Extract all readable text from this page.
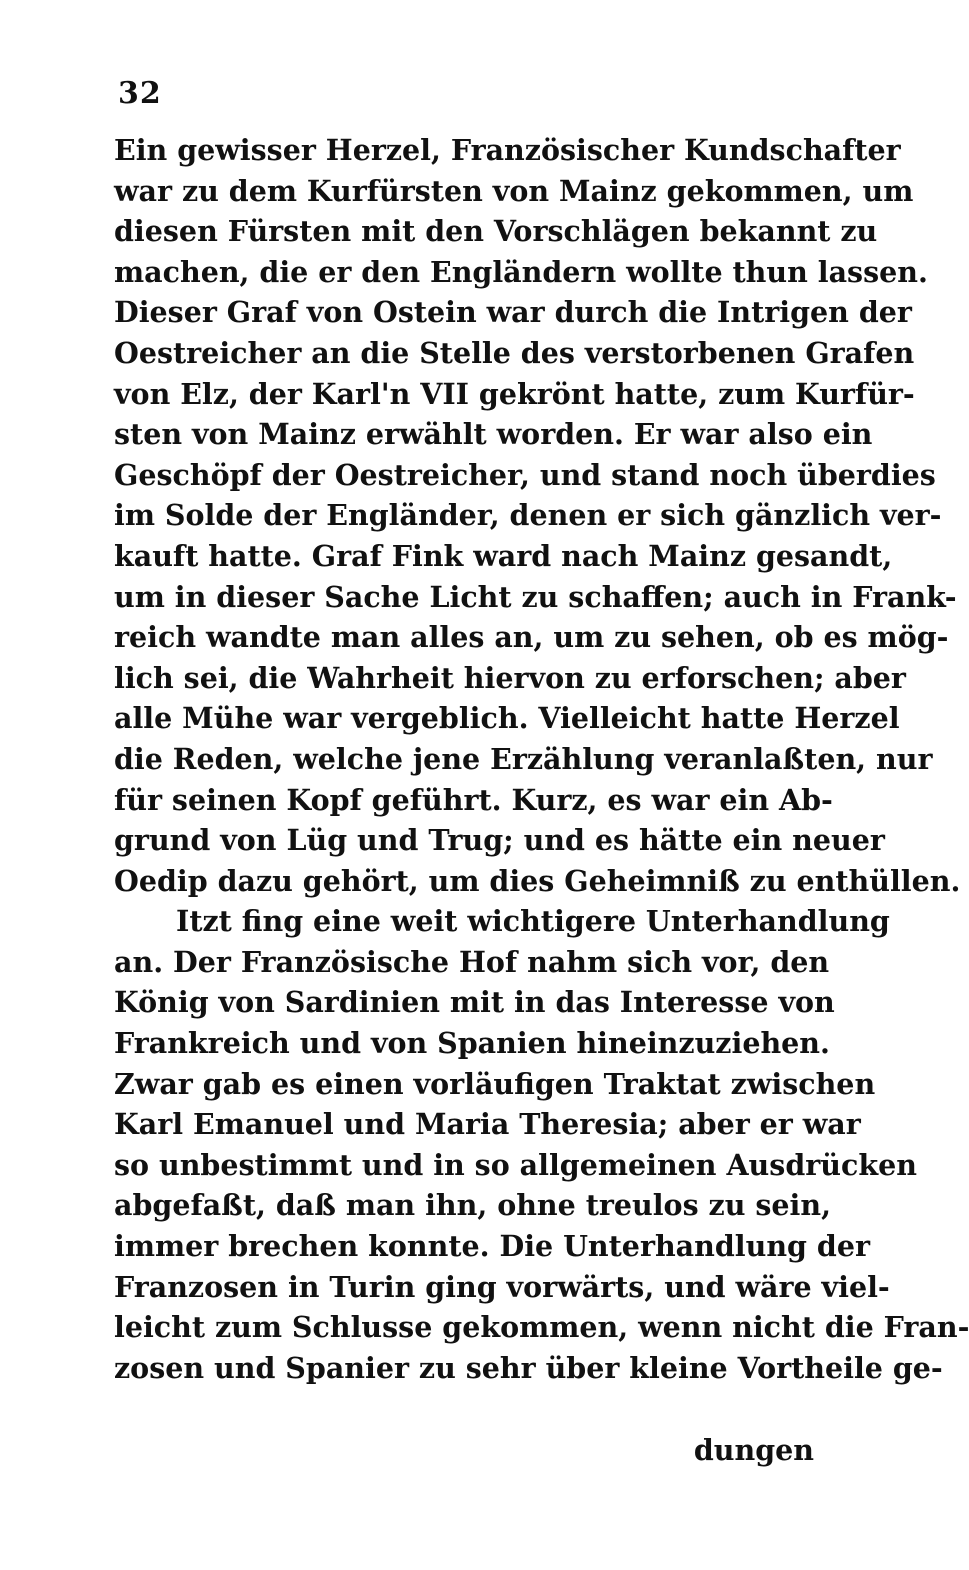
32
Ein gewisser Herzel, Französischer Kundschafter
war zu dem Kurfürsten von Mainz gekommen, um
diesen Fürsten mit den Vorschlägen bekannt zu
machen, die er den Engländern wollte thun lassen.
Dieser Graf von Ostein war durch die Intrigen der
Oestreicher an die Stelle des verstorbenen Grafen
von Elz, der Karl'n VII gekrönt hatte, zum Kurfür-
sten von Mainz erwählt worden. Er war also ein
Geschöpf der Oestreicher, und stand noch überdies
im Solde der Engländer, denen er sich gänzlich ver-
kauft hatte. Graf Fink ward nach Mainz gesandt,
um in dieser Sache Licht zu schaffen; auch in Frank-
reich wandte man alles an, um zu sehen, ob es mög-
lich sei, die Wahrheit hiervon zu erforschen; aber
alle Mühe war vergeblich. Vielleicht hatte Herzel
die Reden, welche jene Erzählung veranlaßten, nur
für seinen Kopf geführt. Kurz, es war ein Ab-
grund von Lüg und Trug; und es hätte ein neuer
Oedip dazu gehört, um dies Geheimniß zu enthüllen.
Itzt fing eine weit wichtigere Unterhandlung
an. Der Französische Hof nahm sich vor, den
König von Sardinien mit in das Interesse von
Frankreich und von Spanien hineinzuziehen.
Zwar gab es einen vorläufigen Traktat zwischen
Karl Emanuel und Maria Theresia; aber er war
so unbestimmt und in so allgemeinen Ausdrücken
abgefaßt, daß man ihn, ohne treulos zu sein,
immer brechen konnte. Die Unterhandlung der
Franzosen in Turin ging vorwärts, und wäre viel-
leicht zum Schlusse gekommen, wenn nicht die Fran-
zosen und Spanier zu sehr über kleine Vortheile ge-
dungen
